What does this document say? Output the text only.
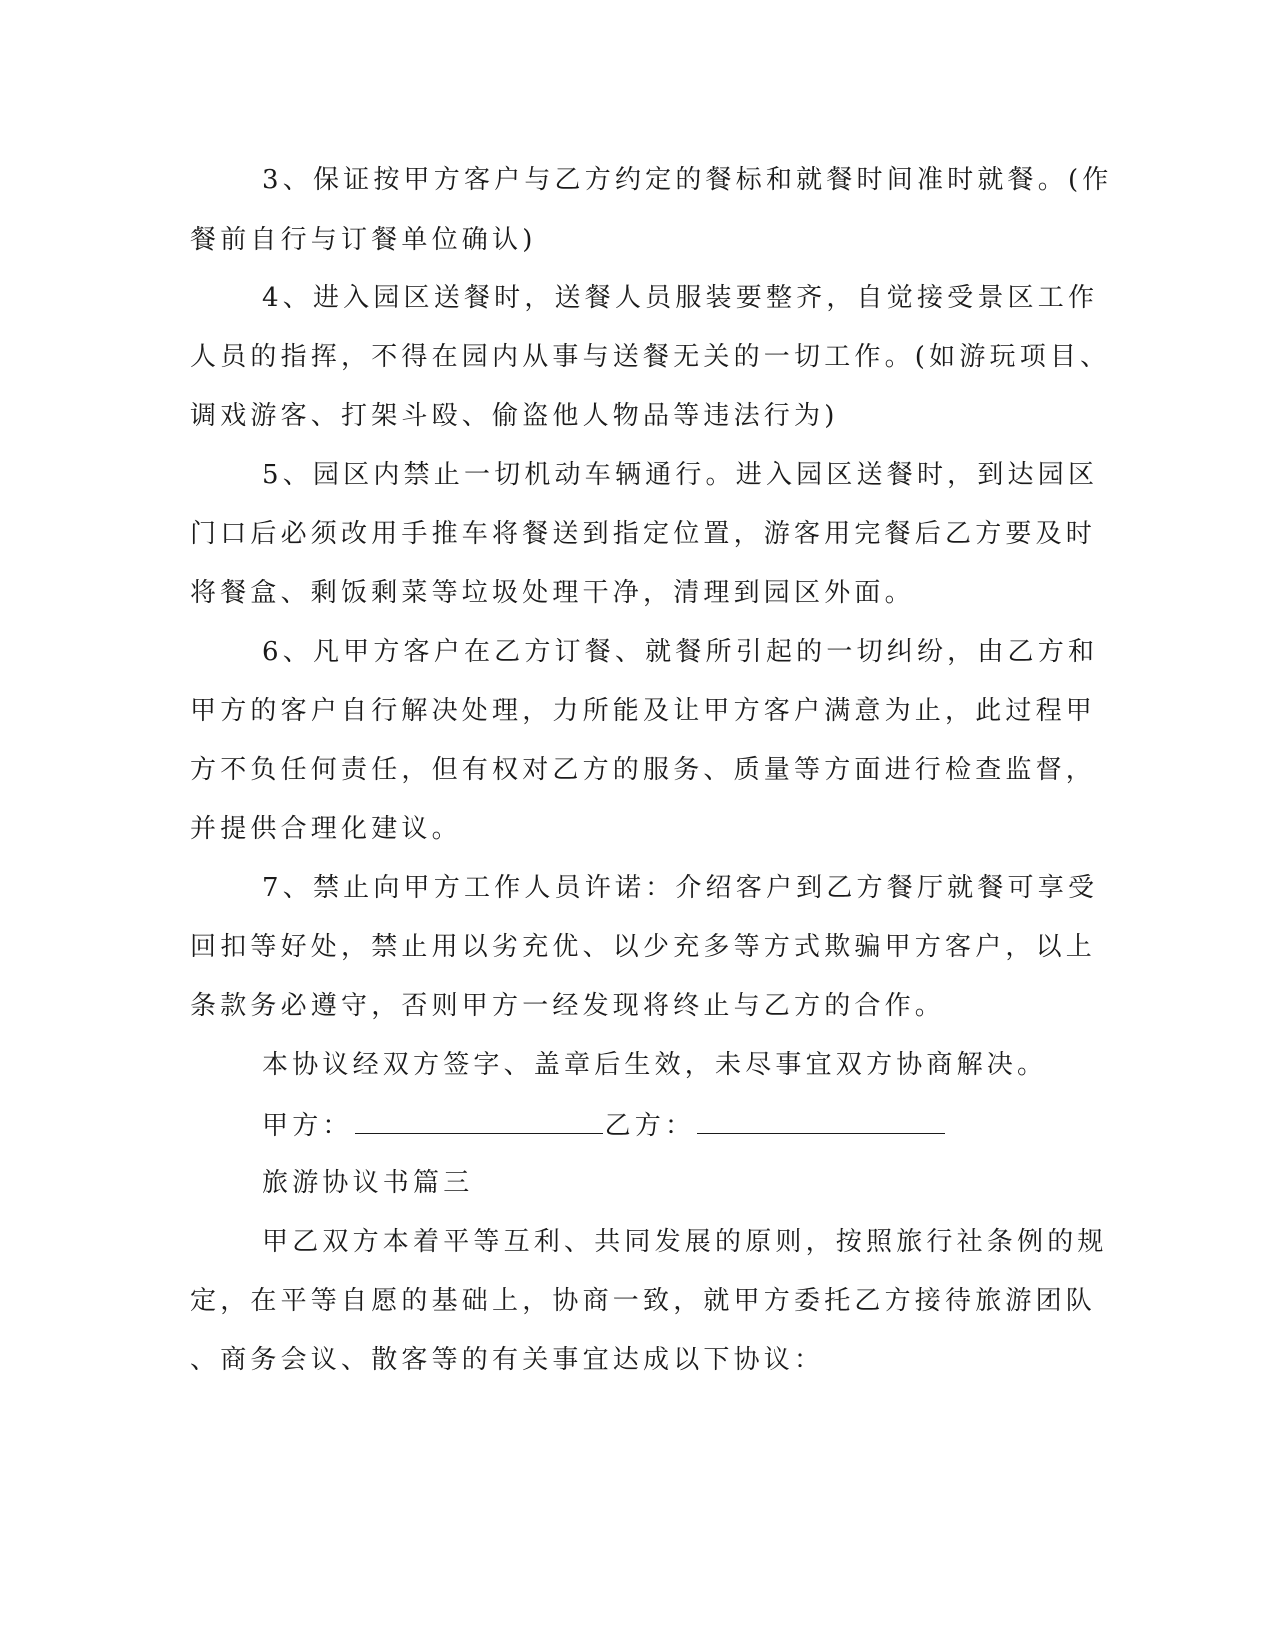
3、保证按甲方客户与乙方约定的餐标和就餐时间准时就餐。(作
餐前自行与订餐单位确认)
4、进入园区送餐时，送餐人员服装要整齐，自觉接受景区工作
人员的指挥，不得在园内从事与送餐无关的一切工作。(如游玩项目、
调戏游客、打架斗殴、偷盗他人物品等违法行为)
5、园区内禁止一切机动车辆通行。进入园区送餐时，到达园区
门口后必须改用手推车将餐送到指定位置，游客用完餐后乙方要及时
将餐盒、剩饭剩菜等垃圾处理干净，清理到园区外面。
6、凡甲方客户在乙方订餐、就餐所引起的一切纠纷，由乙方和
甲方的客户自行解决处理，力所能及让甲方客户满意为止，此过程甲
方不负任何责任，但有权对乙方的服务、质量等方面进行检查监督，
并提供合理化建议。
7、禁止向甲方工作人员许诺：介绍客户到乙方餐厅就餐可享受
回扣等好处，禁止用以劣充优、以少充多等方式欺骗甲方客户，以上
条款务必遵守，否则甲方一经发现将终止与乙方的合作。
本协议经双方签字、盖章后生效，未尽事宜双方协商解决。
甲方：	乙方：
旅游协议书篇三
甲乙双方本着平等互利、共同发展的原则，按照旅行社条例的规
定，在平等自愿的基础上，协商一致，就甲方委托乙方接待旅游团队
、商务会议、散客等的有关事宜达成以下协议：
